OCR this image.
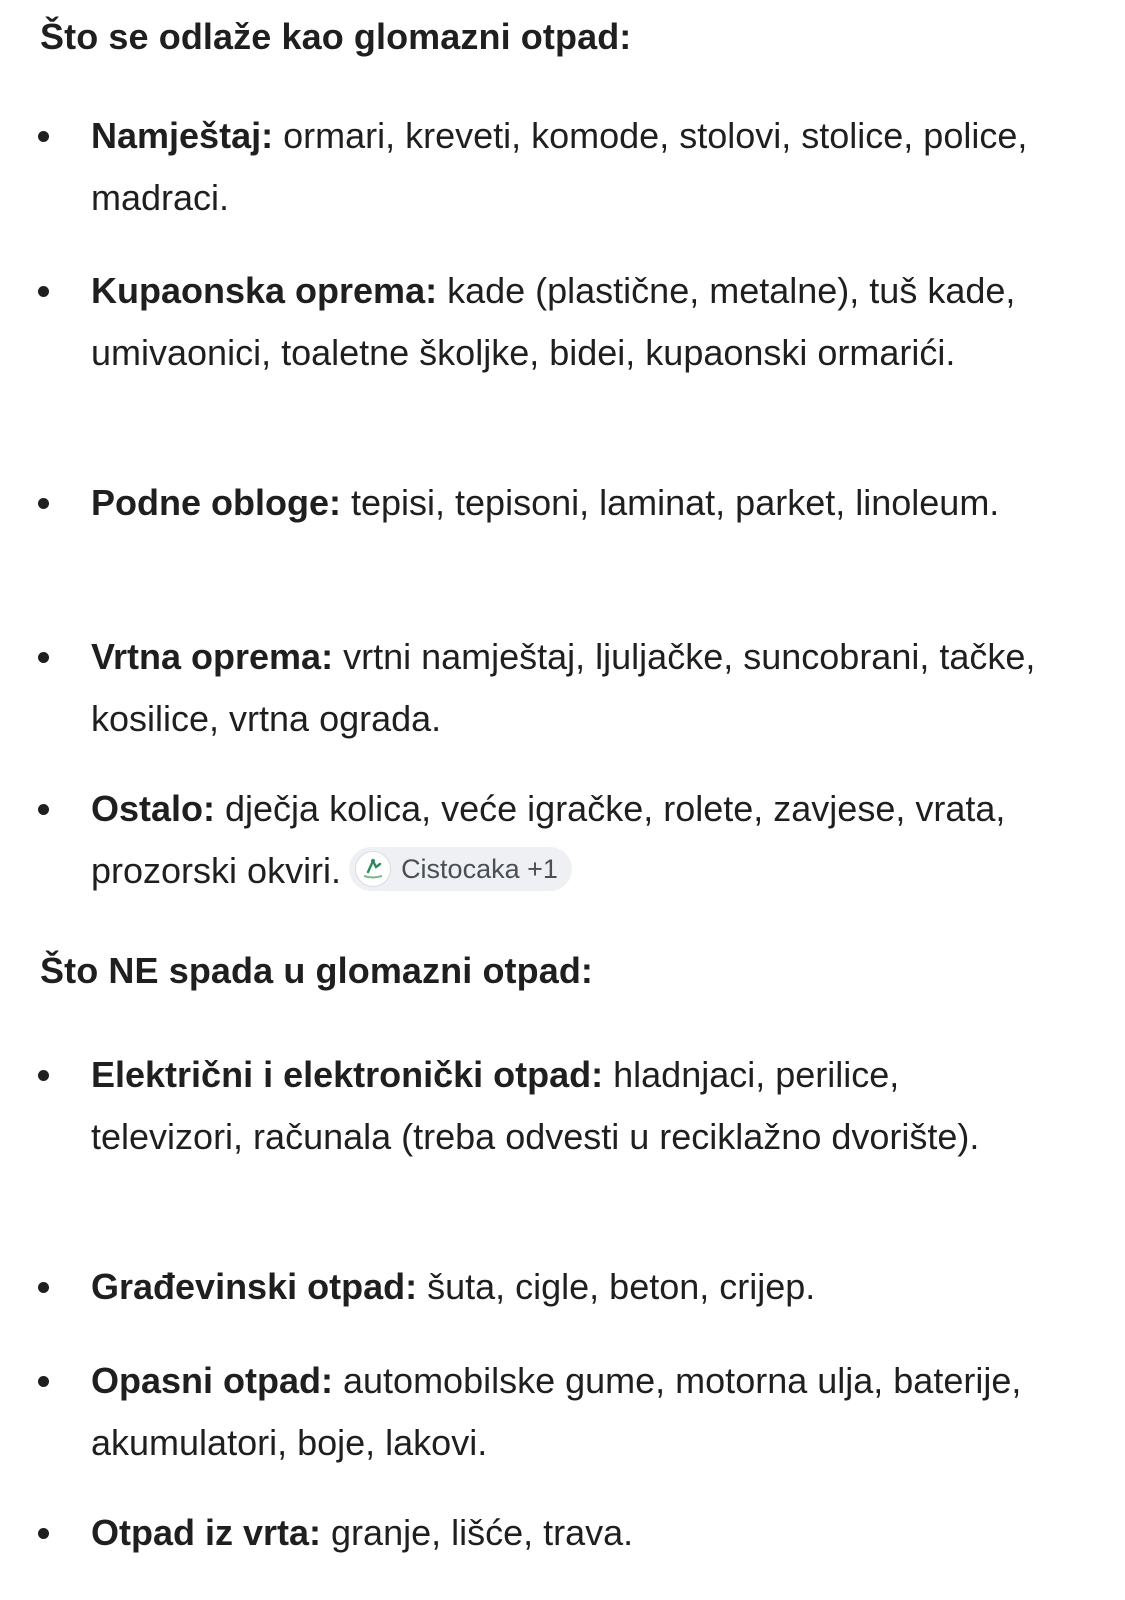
Što se odlaže kao glomazni otpad:
Namještaj: ormari, kreveti, komode, stolovi, stolice, police, madraci.
Kupaonska oprema: kade (plastične, metalne), tuš kade, umivaonici, toaletne školjke, bidei, kupaonski ormarići.
Podne obloge: tepisi, tepisoni, laminat, parket, linoleum.
Vrtna oprema: vrtni namještaj, ljuljačke, suncobrani, tačke, kosilice, vrtna ograda.
Ostalo: dječja kolica, veće igračke, rolete, zavjese, vrata, prozorski okviri. Cistocaka +1
Što NE spada u glomazni otpad:
Električni i elektronički otpad: hladnjaci, perilice, televizori, računala (treba odvesti u reciklažno dvorište).
Građevinski otpad: šuta, cigle, beton, crijep.
Opasni otpad: automobilske gume, motorna ulja, baterije, akumulatori, boje, lakovi.
Otpad iz vrta: granje, lišće, trava.
